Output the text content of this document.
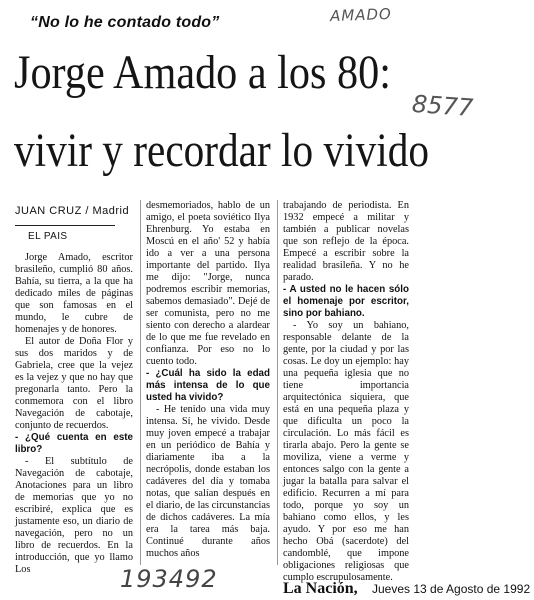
“No lo he contado todo”	AMADO
Jorge Amado a los 80:
8577
vivir y recordar lo vivido
JUAN CRUZ / Madrid
EL PAIS

Jorge Amado, escritor brasileño, cumplió 80 años. Bahía, su tierra, a la que ha dedicado miles de páginas que son famosas en el mundo, le cubre de homenajes y de honores.

El autor de Doña Flor y sus dos maridos y de Gabriela, cree que la vejez es la vejez y que no hay que pregonarla tanto. Pero la conmemora con el libro Navegación de cabotaje, conjunto de recuerdos.

- ¿Qué cuenta en este libro?

- El subtítulo de Navegación de cabotaje, Anotaciones para un libro de memorias que yo no escribiré, explica que es justamente eso, un diario de navegación, pero no un libro de recuerdos. En la introducción, que yo llamo Los

desmemoriados, hablo de un amigo, el poeta soviético Ilya Ehrenburg. Yo estaba en Moscú en el año' 52 y había ido a ver a una persona importante del partido. Ilya me dijo: "Jorge, nunca podremos escribir memorias, sabemos demasiado". Dejé de ser comunista, pero no me siento con derecho a alardear de lo que me fue revelado en confianza. Por eso no lo cuento todo.

- ¿Cuál ha sido la edad más intensa de lo que usted ha vivido?

- He tenido una vida muy intensa. Sí, he vivido. Desde muy joven empecé a trabajar en un periódico de Bahía y diariamente iba a la necrópolis, donde estaban los cadáveres del día y tomaba notas, que salían después en el diario, de las circunstancias de dichos cadáveres. La mía era la tarea más baja. Continué durante años muchos años

trabajando de periodista. En 1932 empecé a militar y también a publicar novelas que son reflejo de la época. Empecé a escribir sobre la realidad brasileña. Y no he parado.

- A usted no le hacen sólo el homenaje por escritor, sino por bahiano.

- Yo soy un bahiano, responsable delante de la gente, por la ciudad y por las cosas. Le doy un ejemplo: hay una pequeña iglesia que no tiene importancia arquitectónica siquiera, que está en una pequeña plaza y que dificulta un poco la circulación. Lo más fácil es tirarla abajo. Pero la gente se moviliza, viene a verme y entonces salgo con la gente a jugar la batalla para salvar el edificio. Recurren a mí para todo, porque yo soy un bahiano como ellos, y les ayudo. Y por eso me han hecho Obá (sacerdote) del candomblé, que impone obligaciones religiosas que cumplo escrupulosamente.

193492	La Nación, Jueves 13 de Agosto de 1992
